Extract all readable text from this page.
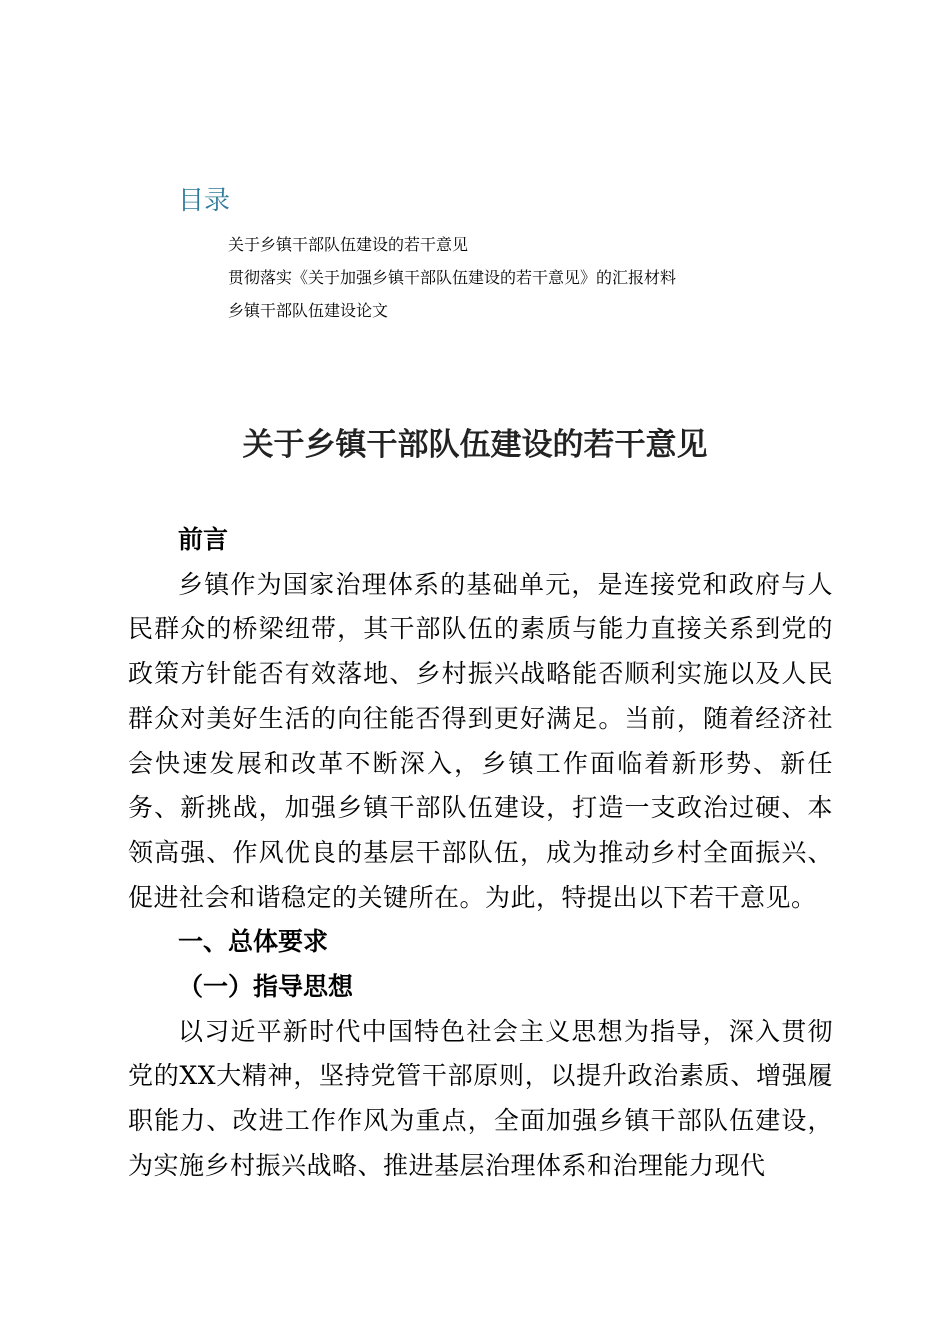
目录
关于乡镇干部队伍建设的若干意见
贯彻落实《关于加强乡镇干部队伍建设的若干意见》的汇报材料
乡镇干部队伍建设论文
关于乡镇干部队伍建设的若干意见
前言

乡镇作为国家治理体系的基础单元，是连接党和政府与人民群众的桥梁纽带，其干部队伍的素质与能力直接关系到党的政策方针能否有效落地、乡村振兴战略能否顺利实施以及人民群众对美好生活的向往能否得到更好满足。当前，随着经济社会快速发展和改革不断深入，乡镇工作面临着新形势、新任务、新挑战，加强乡镇干部队伍建设，打造一支政治过硬、本领高强、作风优良的基层干部队伍，成为推动乡村全面振兴、促进社会和谐稳定的关键所在。为此，特提出以下若干意见。

一、总体要求
（一）指导思想

以习近平新时代中国特色社会主义思想为指导，深入贯彻党的XX大精神，坚持党管干部原则，以提升政治素质、增强履职能力、改进工作作风为重点，全面加强乡镇干部队伍建设，为实施乡村振兴战略、推进基层治理体系和治理能力现代
